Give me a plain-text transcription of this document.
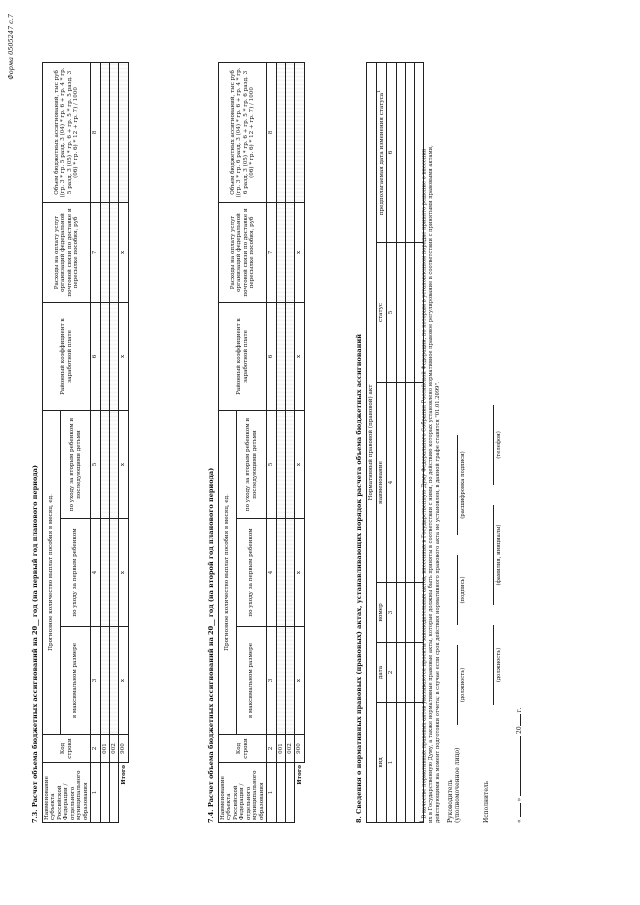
Форма 0505247 с.7
7.3. Расчет объема бюджетных ассигнований на 20__ год (на первый год планового периода) Наименование субъекта Российской Федерации / отдельного муниципального образования	Код строки	Прогнозное количество выплат пособия в месяц, ед.			Районный коэффициент к заработной плате	Расходы на оплату услуг организаций федеральной почтовой связи по доставке и пересылке пособия, руб	Объем бюджетных ассигнований, тыс руб ((гр. 3 * гр. 5 разд. 3 (04) * гр. 6 + гр. 4 * гр. 5 разд. 3 (05) * гр. 6 + гр. 5 * гр. 5 разд. 3 (06) * гр. 6) * 12 + гр. 7) / 1000
		в максимальном размере	по уходу за первым ребенком	по уходу за вторым ребенком и последующими детьми			
1	2	3	4	5	6	7	8
	001						
	002						
Итого	900	x	x	x	x	x	
7.4. Расчет объема бюджетных ассигнований на 20__ год (на второй год планового периода) Наименование субъекта Российской Федерации / отдельного муниципального образования	Код строки	Прогнозное количество выплат пособия в месяц, ед.			Районный коэффициент к заработной плате	Расходы на оплату услуг организаций федеральной почтовой связи по доставке и пересылке пособия, руб	Объем бюджетных ассигнований, тыс руб ((гр. 3 * гр. 6 разд. 3 (04) * гр. 6 + гр. 4 * гр. 6 разд. 3 (05) * гр. 6 + гр. 5 * гр. 6 разд. 3 (06) * гр. 6) * 12 + гр. 7) / 1000
		в максимальном размере	по уходу за первым ребенком	по уходу за вторым ребенком и последующими детьми			
1	2	3	4	5	6	7	8
	001						
	002						
Итого	900	x	x	x	x	x	
8. Сведения о нормативных правовых (правовых) актах, устанавливающих порядок расчета объема бюджетных ассигнований Нормативный правовой (правовой) акт					
вид	дата	номер	наименование	статус	предполагаемая дата изменения статуса$^1$
1	2	3	4	5	6

$^1$ В качестве нормативных правовых актов указываются проекты законодательных актов, внесенных в Государственную Думу Федерального Собрания Российской Федерации, по которым в установленном порядке принято решение о внесении их в Государственную Думу, а также нормативные правовые акты, которые должны быть приняты в соответствии с ними, по действию которых установлено нормативное правовое регулирование в соответствии с принятыми правовыми актами, действующими на момент подготовки отчета; в случае если срок действия нормативного правового акта не установлен, в данной графе ставится "01.01.2099". Руководитель (уполномоченное лицо)
(должность)
(подпись)
(расшифровка подписи)
Исполнитель
(должность)
(фамилия, инициалы)
(телефон)
«  »  20 г.
